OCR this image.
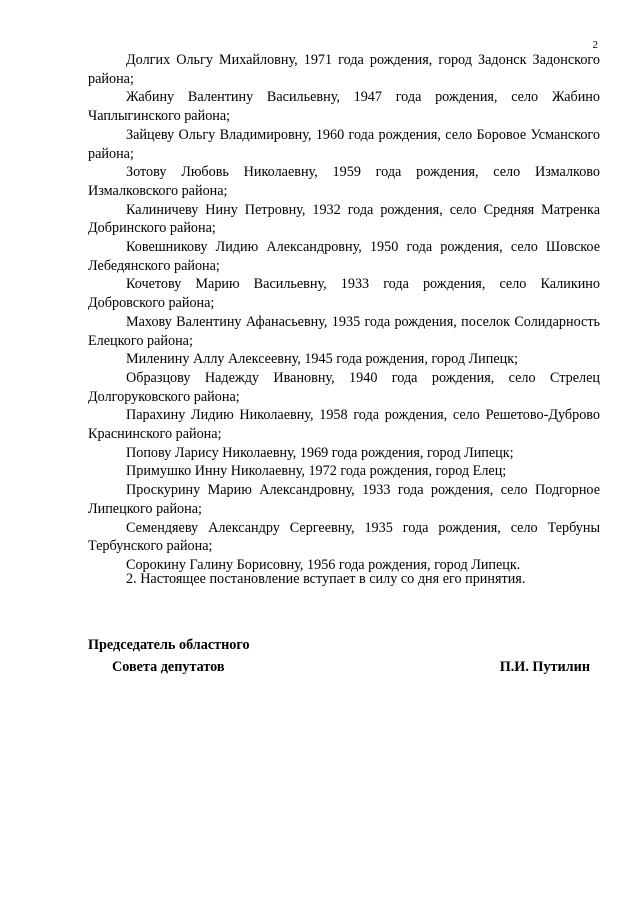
2
Долгих Ольгу Михайловну, 1971 года рождения, город Задонск Задонского района;
Жабину Валентину Васильевну, 1947 года рождения, село Жабино Чаплыгинского района;
Зайцеву Ольгу Владимировну, 1960 года рождения, село Боровое Усманского района;
Зотову Любовь Николаевну, 1959 года рождения, село Измалково Измалковского района;
Калиничеву Нину Петровну, 1932 года рождения, село Средняя Матренка Добринского района;
Ковешникову Лидию Александровну, 1950 года рождения, село Шовское Лебедянского района;
Кочетову Марию Васильевну, 1933 года рождения, село Каликино Добровского района;
Махову Валентину Афанасьевну, 1935 года рождения, поселок Солидарность Елецкого района;
Миленину Аллу Алексеевну, 1945 года рождения, город Липецк;
Образцову Надежду Ивановну, 1940 года рождения, село Стрелец Долгоруковского района;
Парахину Лидию Николаевну, 1958 года рождения, село Решетово-Дуброво Краснинского района;
Попову Ларису Николаевну, 1969 года рождения, город Липецк;
Примушко Инну Николаевну, 1972 года рождения, город Елец;
Проскурину Марию Александровну, 1933 года рождения, село Подгорное Липецкого района;
Семендяеву Александру Сергеевну, 1935 года рождения, село Тербуны Тербунского района;
Сорокину Галину Борисовну, 1956 года рождения, город Липецк.

2. Настоящее постановление вступает в силу со дня его принятия.

Председатель областного
Совета депутатов	П.И. Путилин
